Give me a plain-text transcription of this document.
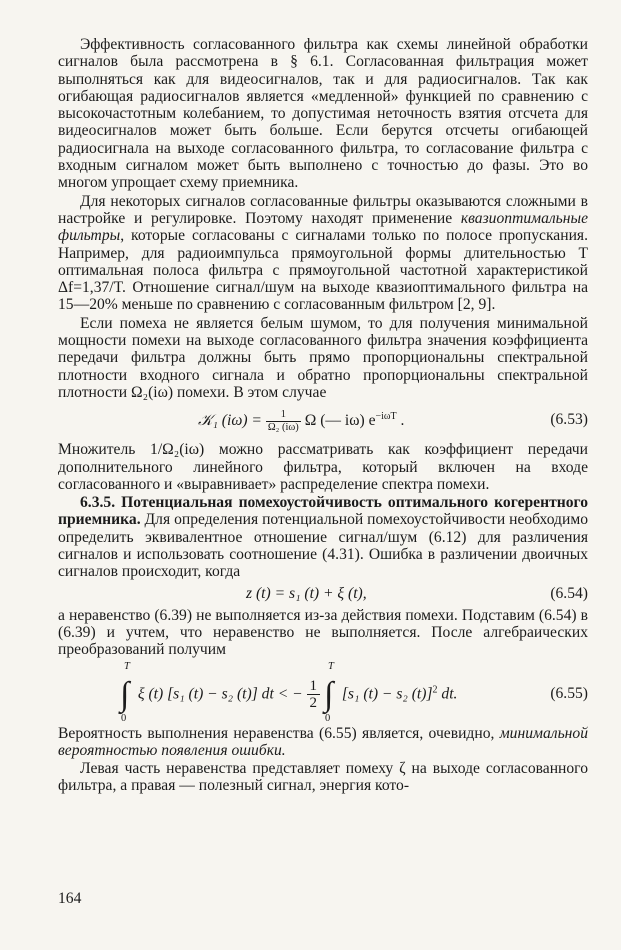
Эффективность согласованного фильтра как схемы линейной обработки сигналов была рассмотрена в § 6.1. Согласованная фильтрация может выполняться как для видеосигналов, так и для радиосигналов. Так как огибающая радиосигналов является «медленной» функцией по сравнению с высокочастотным колебанием, то допустимая неточность взятия отсчета для видеосигналов может быть больше. Если берутся отсчеты огибающей радиосигнала на выходе согласованного фильтра, то согласование фильтра с входным сигналом может быть выполнено с точностью до фазы. Это во многом упрощает схему приемника.

Для некоторых сигналов согласованные фильтры оказываются сложными в настройке и регулировке. Поэтому находят применение квазиоптимальные фильтры, которые согласованы с сигналами только по полосе пропускания. Например, для радиоимпульса прямоугольной формы длительностью T оптимальная полоса фильтра с прямоугольной частотной характеристикой Δf=1,37/T. Отношение сигнал/шум на выходе квазиоптимального фильтра на 15—20% меньше по сравнению с согласованным фильтром [2, 9].

Если помеха не является белым шумом, то для получения минимальной мощности помехи на выходе согласованного фильтра значения коэффициента передачи фильтра должны быть прямо пропорциональны спектральной плотности входного сигнала и обратно пропорциональны спектральной плотности Ω₂(iω) помехи. В этом случае

𝒦₁ $(i\omega) = \frac{1}{\text{Ω₂ (iω)}}$ Ω (— iω) $e^{-i\omega T}$ .	(6.53)

Множитель 1/Ω₂(iω) можно рассматривать как коэффициент передачи дополнительного линейного фильтра, который включен на входе согласованного и «выравнивает» распределение спектра помехи.

6.3.5. Потенциальная помехоустойчивость оптимального когерентного приемника. Для определения потенциальной помехоустойчивости необходимо определить эквивалентное отношение сигнал/шум (6.12) для различения сигналов и использовать соотношение (4.31). Ошибка в различении двоичных сигналов происходит, когда

z (t) = s₁ (t) + ξ (t),	(6.54)

а неравенство (6.39) не выполняется из-за действия помехи. Подставим (6.54) в (6.39) и учтем, что неравенство не выполняется. После алгебраических преобразований получим

∫
T
0
ξ (t) [s₁ (t) − s₂ (t)] dt < − $\frac{1}{2}$
∫
T
0
[s₁ (t) − s₂ (t)]$^2$ dt.	(6.55)

Вероятность выполнения неравенства (6.55) является, очевидно, минимальной вероятностью появления ошибки.

Левая часть неравенства представляет помеху ζ на выходе согласованного фильтра, а правая — полезный сигнал, энергия кото-

164
